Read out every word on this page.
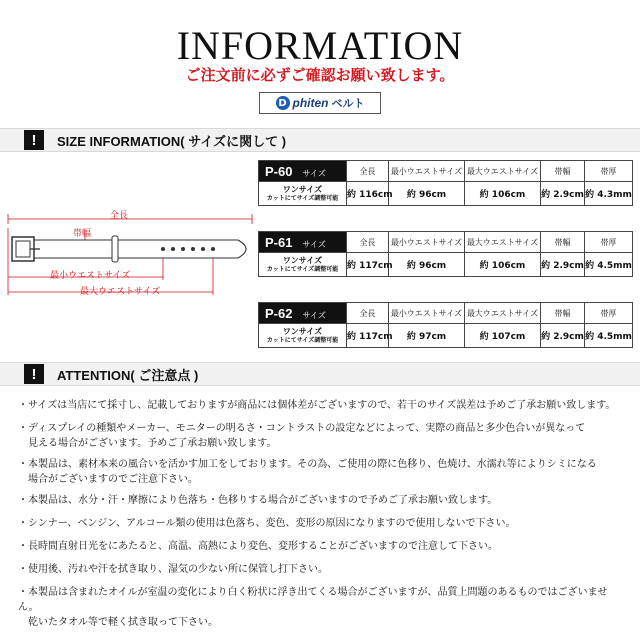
INFORMATION
ご注文前に必ずご確認お願い致します。
D phiten ベルト
!	SIZE INFORMATION( サイズに関して )
全長
帯幅
最小ウエストサイズ
最大ウエストサイズ
P-60 サイズ	全長	最小ウエストサイズ	最大ウエストサイズ	帯幅	帯厚

ワンサイズ
カットにてサイズ調整可能	約 116cm	約 96cm	約 106cm	約 2.9cm	約 4.3mm
P-61 サイズ	全長	最小ウエストサイズ	最大ウエストサイズ	帯幅	帯厚

ワンサイズ
カットにてサイズ調整可能	約 117cm	約 96cm	約 106cm	約 2.9cm	約 4.5mm
P-62 サイズ	全長	最小ウエストサイズ	最大ウエストサイズ	帯幅	帯厚

ワンサイズ
カットにてサイズ調整可能	約 117cm	約 97cm	約 107cm	約 2.9cm	約 4.5mm
!	ATTENTION( ご注意点 )
・サイズは当店にて採寸し、記載しておりますが商品には個体差がございますので、若干のサイズ誤差は予めご了承お願い致します。
・ディスプレイの種類やメーカー、モニターの明るさ・コントラストの設定などによって、実際の商品と多少色合いが異なって
　見える場合がございます。予めご了承お願い致します。
・本製品は、素材本来の風合いを活かす加工をしております。その為、ご使用の際に色移り、色焼け、水濡れ等によりシミになる
　場合がございますのでご注意下さい。
・本製品は、水分・汗・摩擦により色落ち・色移りする場合がございますので予めご了承お願い致します。
・シンナー、ベンジン、アルコール類の使用は色落ち、変色、変形の原因になりますので使用しないで下さい。
・長時間直射日光をにあたると、高温、高熱により変色、変形することがございますので注意して下さい。
・使用後、汚れや汗を拭き取り、湿気の少ない所に保管し打下さい。
・本製品は含まれたオイルが室温の変化により白く粉状に浮き出てくる場合がございますが、品質上問題のあるものではございません。
　乾いたタオル等で軽く拭き取って下さい。
